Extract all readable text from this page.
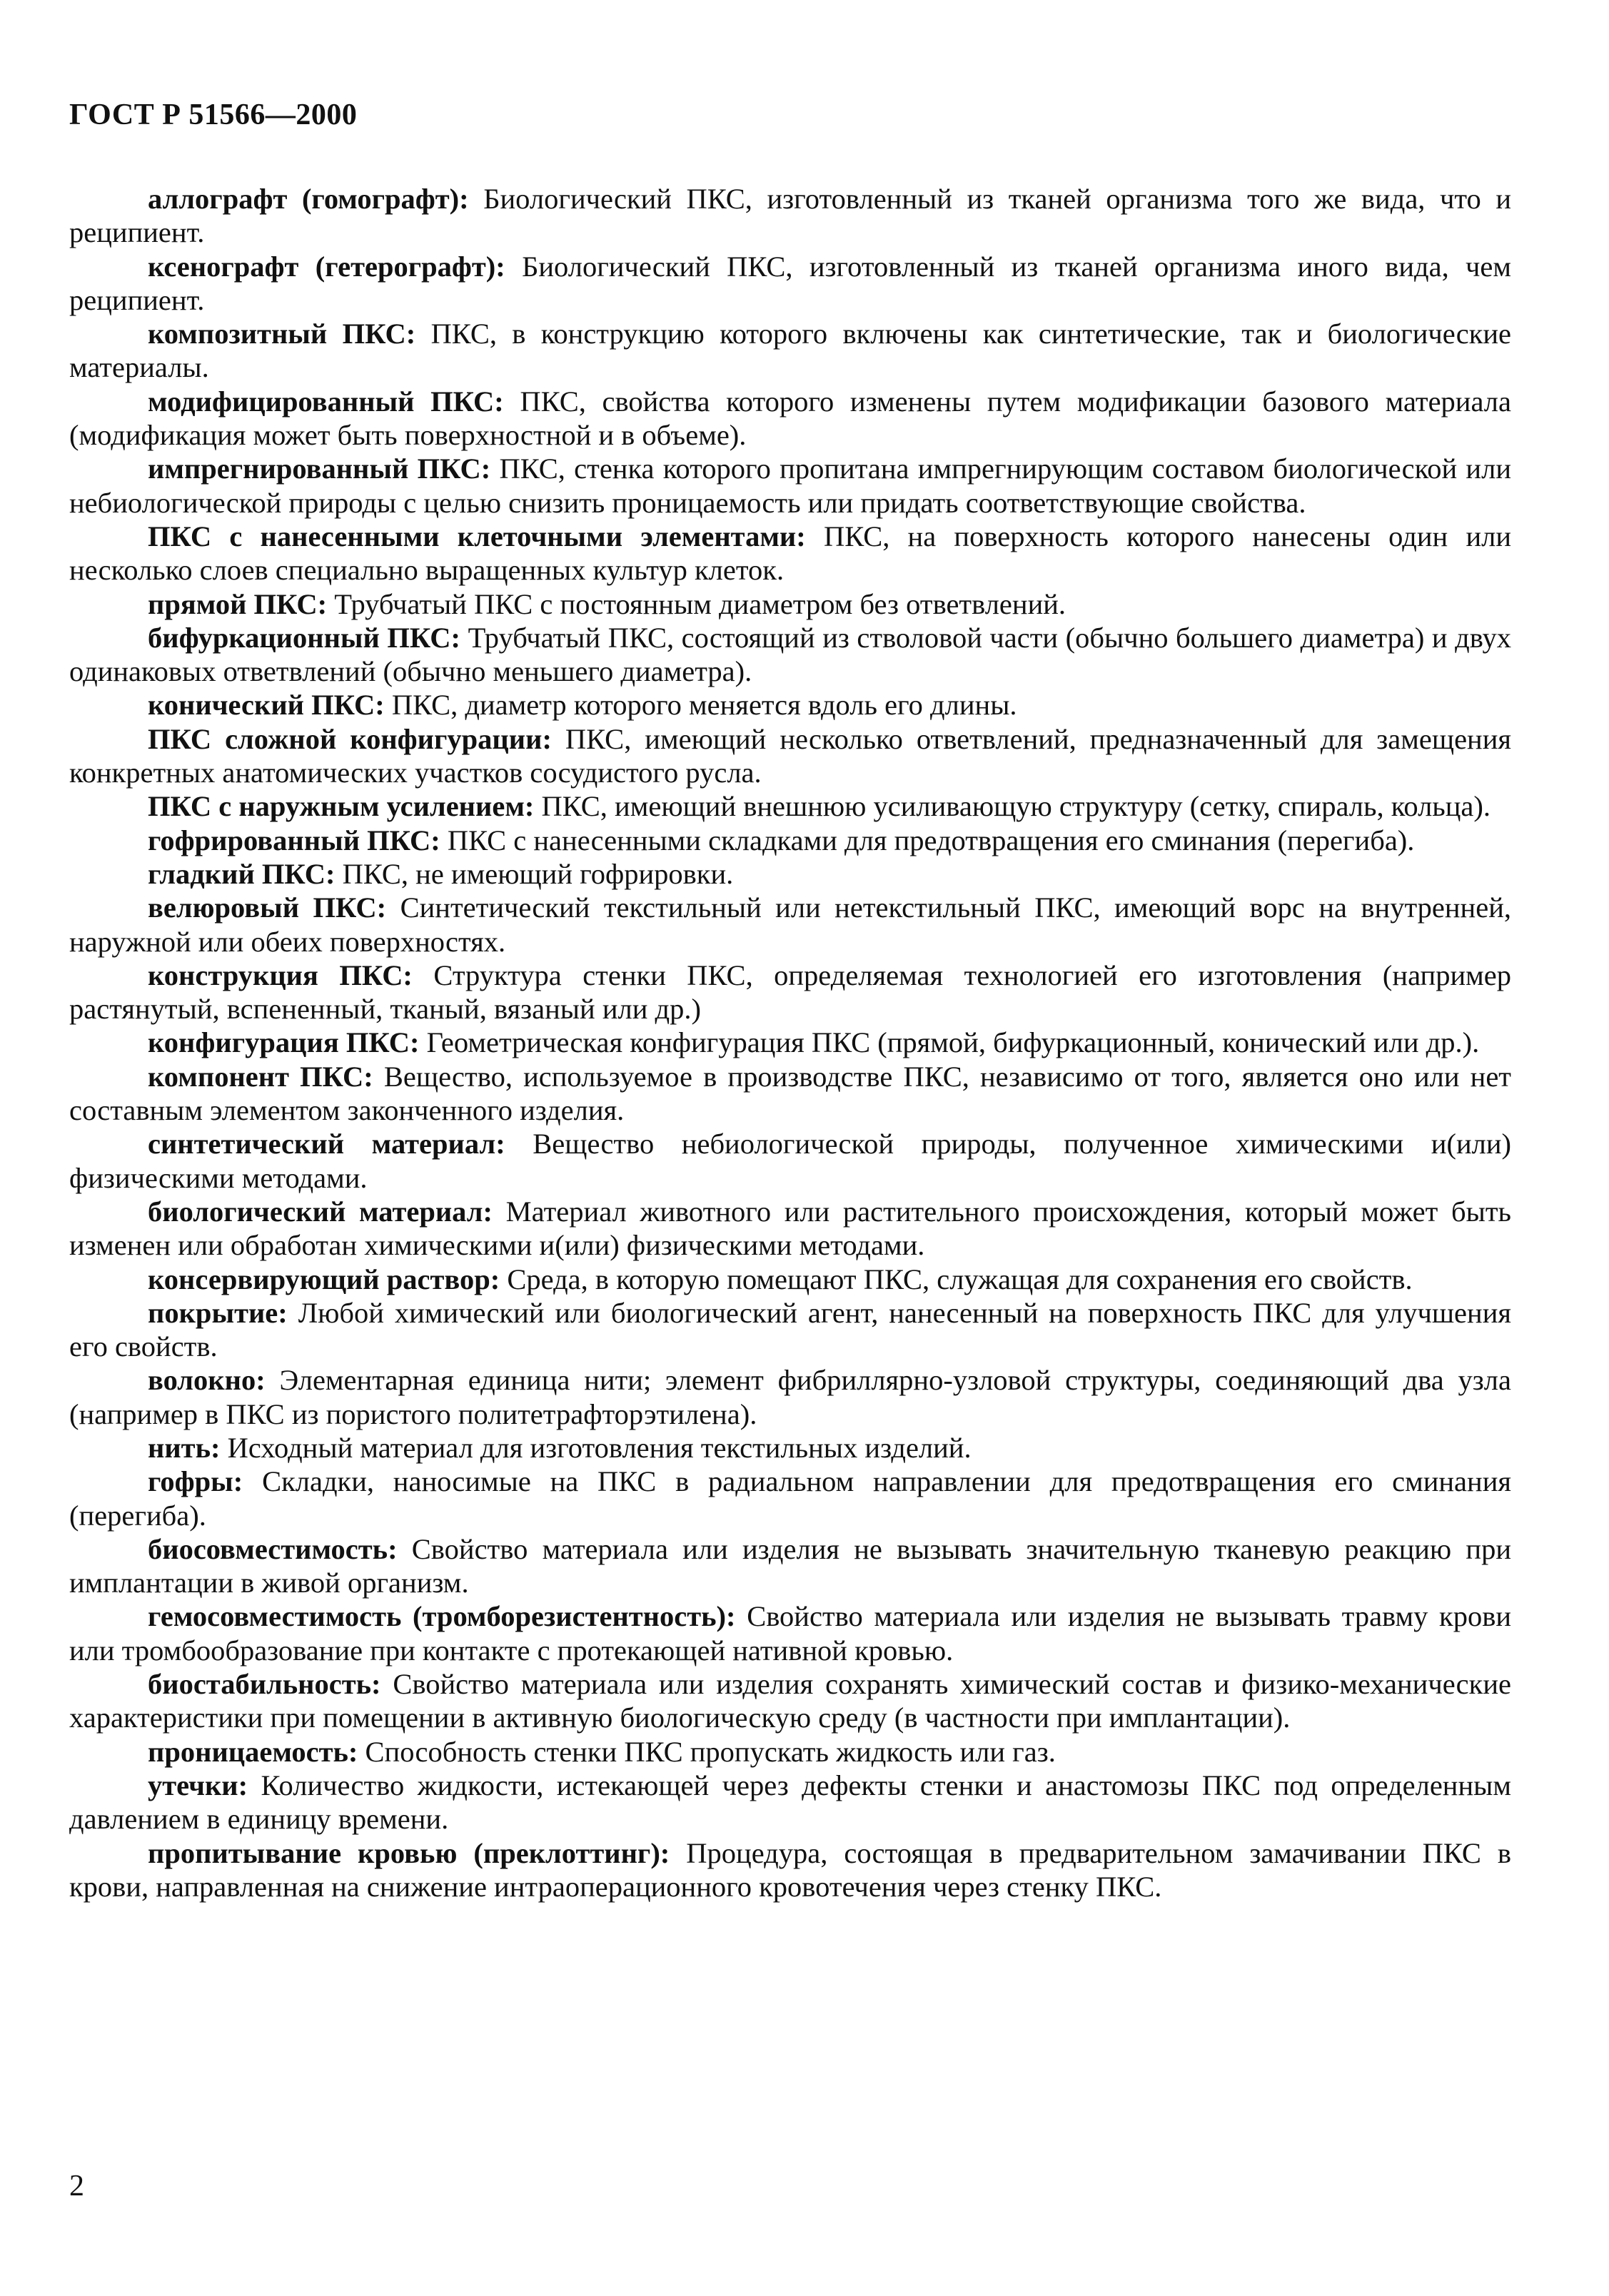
ГОСТ Р 51566—2000

аллографт (гомографт): Биологический ПКС, изготовленный из тканей организма того же вида, что и реципиент.

ксенографт (гетерографт): Биологический ПКС, изготовленный из тканей организма иного вида, чем реципиент.

композитный ПКС: ПКС, в конструкцию которого включены как синтетические, так и биологические материалы.

модифицированный ПКС: ПКС, свойства которого изменены путем модификации базового материала (модификация может быть поверхностной и в объеме).

импрегнированный ПКС: ПКС, стенка которого пропитана импрегнирующим составом биологической или небиологической природы с целью снизить проницаемость или придать соответствующие свойства.

ПКС с нанесенными клеточными элементами: ПКС, на поверхность которого нанесены один или несколько слоев специально выращенных культур клеток.

прямой ПКС: Трубчатый ПКС с постоянным диаметром без ответвлений.

бифуркационный ПКС: Трубчатый ПКС, состоящий из стволовой части (обычно большего диаметра) и двух одинаковых ответвлений (обычно меньшего диаметра).

конический ПКС: ПКС, диаметр которого меняется вдоль его длины.

ПКС сложной конфигурации: ПКС, имеющий несколько ответвлений, предназначенный для замещения конкретных анатомических участков сосудистого русла.

ПКС с наружным усилением: ПКС, имеющий внешнюю усиливающую структуру (сетку, спираль, кольца).

гофрированный ПКС: ПКС с нанесенными складками для предотвращения его сминания (перегиба).

гладкий ПКС: ПКС, не имеющий гофрировки.

велюровый ПКС: Синтетический текстильный или нетекстильный ПКС, имеющий ворс на внутренней, наружной или обеих поверхностях.

конструкция ПКС: Структура стенки ПКС, определяемая технологией его изготовления (например растянутый, вспененный, тканый, вязаный или др.)

конфигурация ПКС: Геометрическая конфигурация ПКС (прямой, бифуркационный, конический или др.).

компонент ПКС: Вещество, используемое в производстве ПКС, независимо от того, является оно или нет составным элементом законченного изделия.

синтетический материал: Вещество небиологической природы, полученное химическими и(или) физическими методами.

биологический материал: Материал животного или растительного происхождения, который может быть изменен или обработан химическими и(или) физическими методами.

консервирующий раствор: Среда, в которую помещают ПКС, служащая для сохранения его свойств.

покрытие: Любой химический или биологический агент, нанесенный на поверхность ПКС для улучшения его свойств.

волокно: Элементарная единица нити; элемент фибриллярно-узловой структуры, соединяющий два узла (например в ПКС из пористого политетрафторэтилена).

нить: Исходный материал для изготовления текстильных изделий.

гофры: Складки, наносимые на ПКС в радиальном направлении для предотвращения его сминания (перегиба).

биосовместимость: Свойство материала или изделия не вызывать значительную тканевую реакцию при имплантации в живой организм.

гемосовместимость (тромборезистентность): Свойство материала или изделия не вызывать травму крови или тромбообразование при контакте с протекающей нативной кровью.

биостабильность: Свойство материала или изделия сохранять химический состав и физико-механические характеристики при помещении в активную биологическую среду (в частности при имплантации).

проницаемость: Способность стенки ПКС пропускать жидкость или газ.

утечки: Количество жидкости, истекающей через дефекты стенки и анастомозы ПКС под определенным давлением в единицу времени.

пропитывание кровью (преклоттинг): Процедура, состоящая в предварительном замачивании ПКС в крови, направленная на снижение интраоперационного кровотечения через стенку ПКС.

2
